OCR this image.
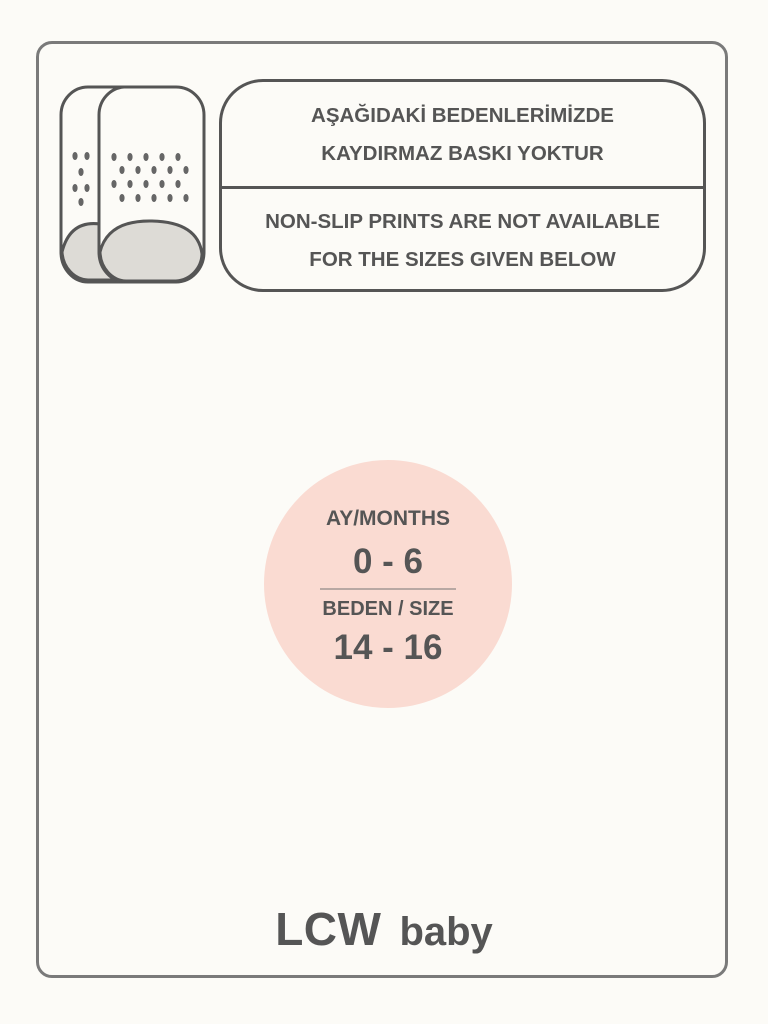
AŞAĞIDAKİ BEDENLERİMİZDE
KAYDIRMAZ BASKI YOKTUR
NON-SLIP PRINTS ARE NOT AVAILABLE
FOR THE SIZES GIVEN BELOW
AY/MONTHS
0 - 6
BEDEN / SIZE
14 - 16
LCW baby
